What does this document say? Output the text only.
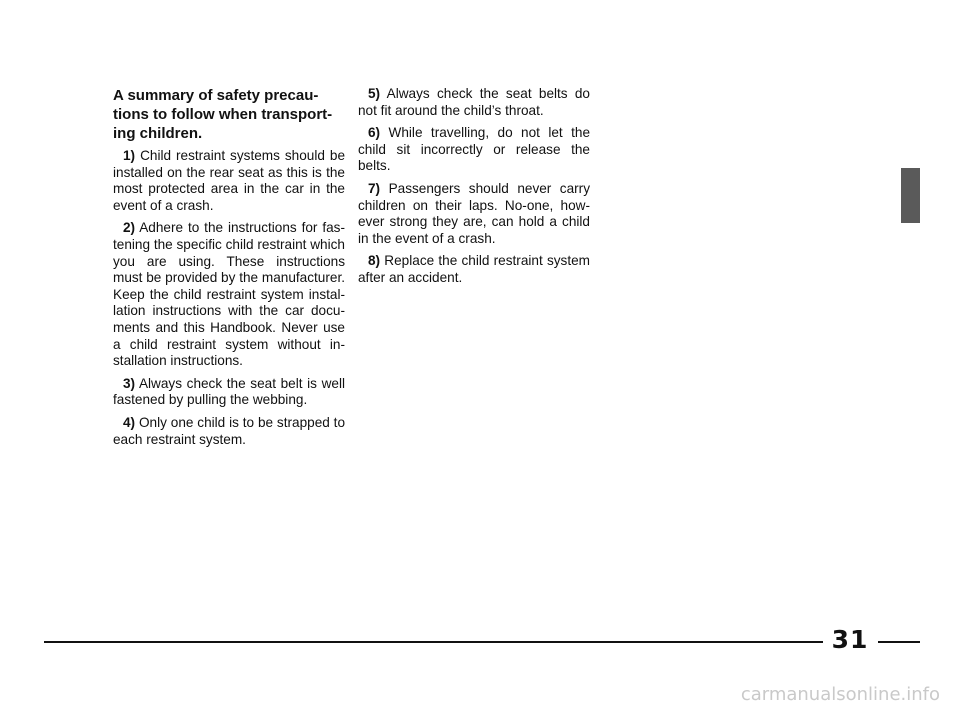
A summary of safety precau-
tions to follow when transport-
ing children.

1) Child restraint systems should be installed on the rear seat as this is the most protected area in the car in the event of a crash.

2) Adhere to the instructions for fas-tening the specific child restraint which you are using. These instructions must be provided by the manufacturer. Keep the child restraint system instal-lation instructions with the car docu-ments and this Handbook. Never use a child restraint system without in-stallation instructions.

3) Always check the seat belt is well fastened by pulling the webbing.

4) Only one child is to be strapped to each restraint system.

5) Always check the seat belts do not fit around the child’s throat.

6) While travelling, do not let the child sit incorrectly or release the belts.

7) Passengers should never carry children on their laps. No-one, how-ever strong they are, can hold a child in the event of a crash.

8) Replace the child restraint system after an accident.

31
carmanualsonline.info
